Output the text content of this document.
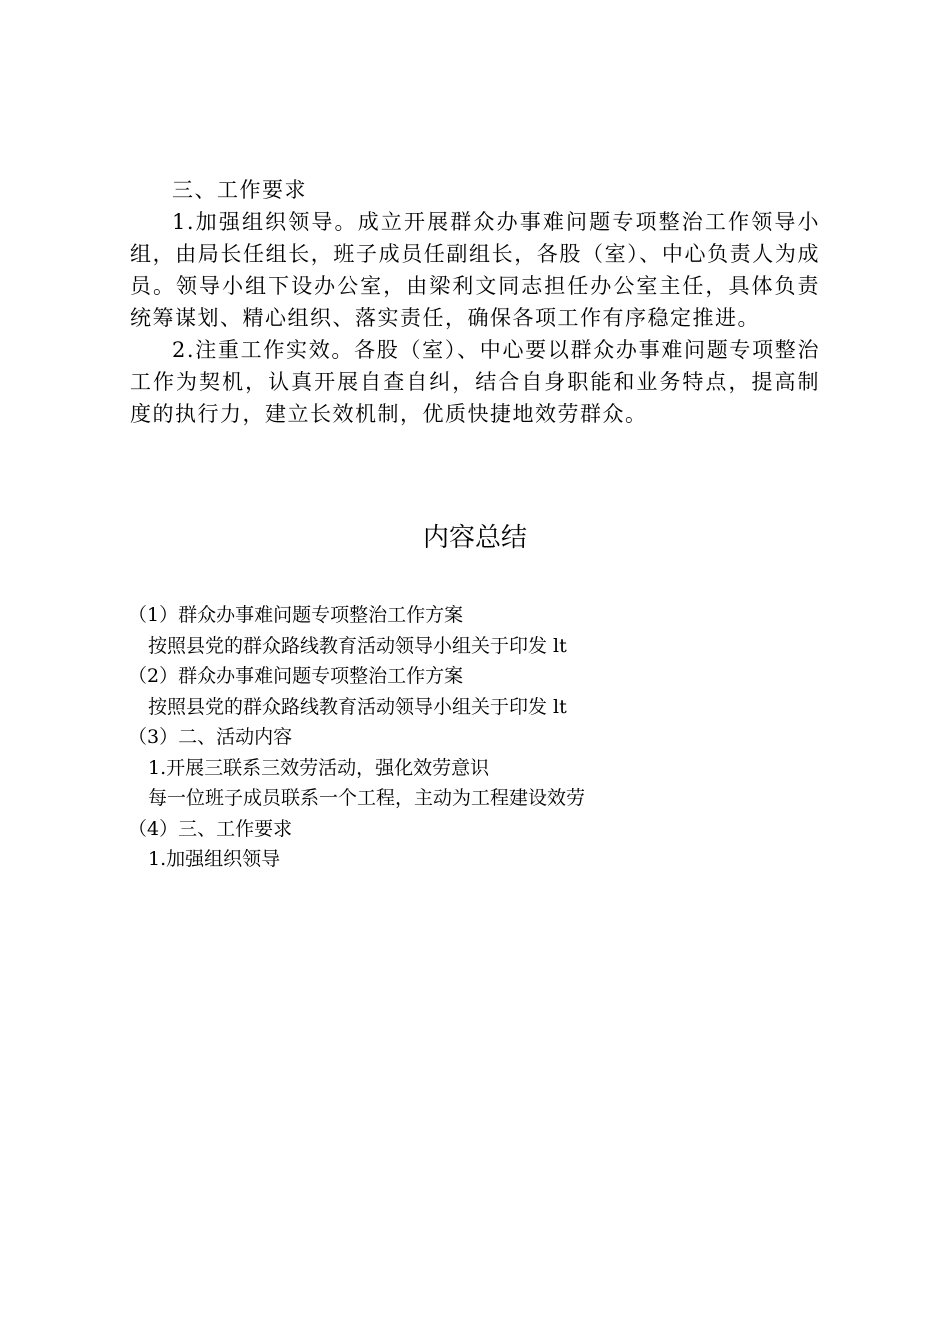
三、工作要求

1.加强组织领导。成立开展群众办事难问题专项整治工作领导小组，由局长任组长，班子成员任副组长，各股（室）、中心负责人为成员。领导小组下设办公室，由梁利文同志担任办公室主任，具体负责统筹谋划、精心组织、落实责任，确保各项工作有序稳定推进。

2.注重工作实效。各股（室）、中心要以群众办事难问题专项整治工作为契机，认真开展自查自纠，结合自身职能和业务特点，提高制度的执行力，建立长效机制，优质快捷地效劳群众。

内容总结
（1）群众办事难问题专项整治工作方案
按照县党的群众路线教育活动领导小组关于印发 lt
（2）群众办事难问题专项整治工作方案
按照县党的群众路线教育活动领导小组关于印发 lt
（3）二、活动内容
1.开展三联系三效劳活动，强化效劳意识
每一位班子成员联系一个工程，主动为工程建设效劳
（4）三、工作要求
1.加强组织领导
